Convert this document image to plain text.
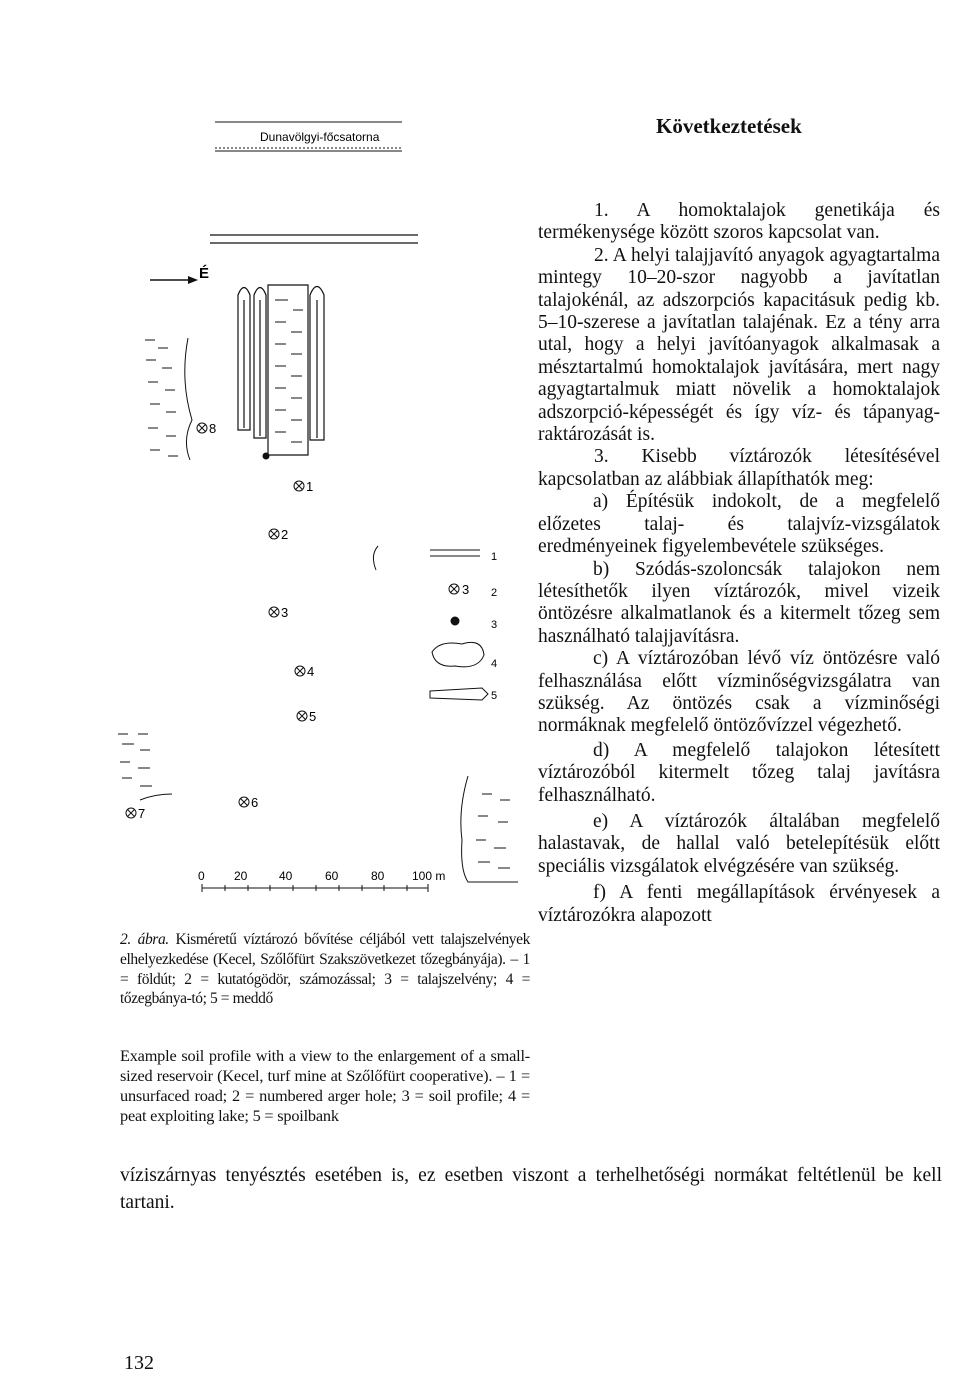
Következtetések
Dunavölgyi-főcsatorna
É
8
1
2
3
4
5
6
7
1
2
3
4
5
3
0 20	40	60	80 100 m
2. ábra. Kisméretű víztározó bővítése céljából vett talajszelvények elhelyezkedése (Kecel, Szőlőfürt Szakszövetkezet tőzegbányája). – 1 = földút; 2 = kutatógödör, számozással; 3 = talajszelvény; 4 = tőzegbánya-tó; 5 = meddő
Example soil profile with a view to the enlargement of a small-sized reservoir (Kecel, turf mine at Szőlőfürt cooperative). – 1 = unsurfaced road; 2 = numbered arger hole; 3 = soil profile; 4 = peat exploiting lake; 5 = spoilbank

1. A homoktalajok genetikája és termékenysége között szoros kapcsolat van.

2. A helyi talajjavító anyagok agyagtartalma mintegy 10–20-szor nagyobb a javítatlan talajokénál, az adszorpciós kapacitásuk pedig kb. 5–10-szerese a javítatlan talajénak. Ez a tény arra utal, hogy a helyi javítóanyagok alkalmasak a mésztartalmú homoktalajok javítására, mert nagy agyagtartalmuk miatt növelik a homoktalajok adszorpció-képességét és így víz- és tápanyag-raktározását is.

3. Kisebb víztározók létesítésével kapcsolatban az alábbiak állapíthatók meg:

a) Építésük indokolt, de a megfelelő előzetes talaj- és talajvíz-vizsgálatok eredményeinek figyelembevétele szükséges.

b) Szódás-szoloncsák talajokon nem létesíthetők ilyen víztározók, mivel vizeik öntözésre alkalmatlanok és a kitermelt tőzeg sem használható talajjavításra.

c) A víztározóban lévő víz öntözésre való felhasználása előtt vízminőségvizsgálatra van szükség. Az öntözés csak a vízminőségi normáknak megfelelő öntözővízzel végezhető.

d) A megfelelő talajokon létesített víztározóból kitermelt tőzeg talaj javításra felhasználható.

e) A víztározók általában megfelelő halastavak, de hallal való betelepítésük előtt speciális vizsgálatok elvégzésére van szükség.

f) A fenti megállapítások érvényesek a víztározókra alapozott

víziszárnyas tenyésztés esetében is, ez esetben viszont a terhelhetőségi normákat feltétlenül be kell tartani.
132
